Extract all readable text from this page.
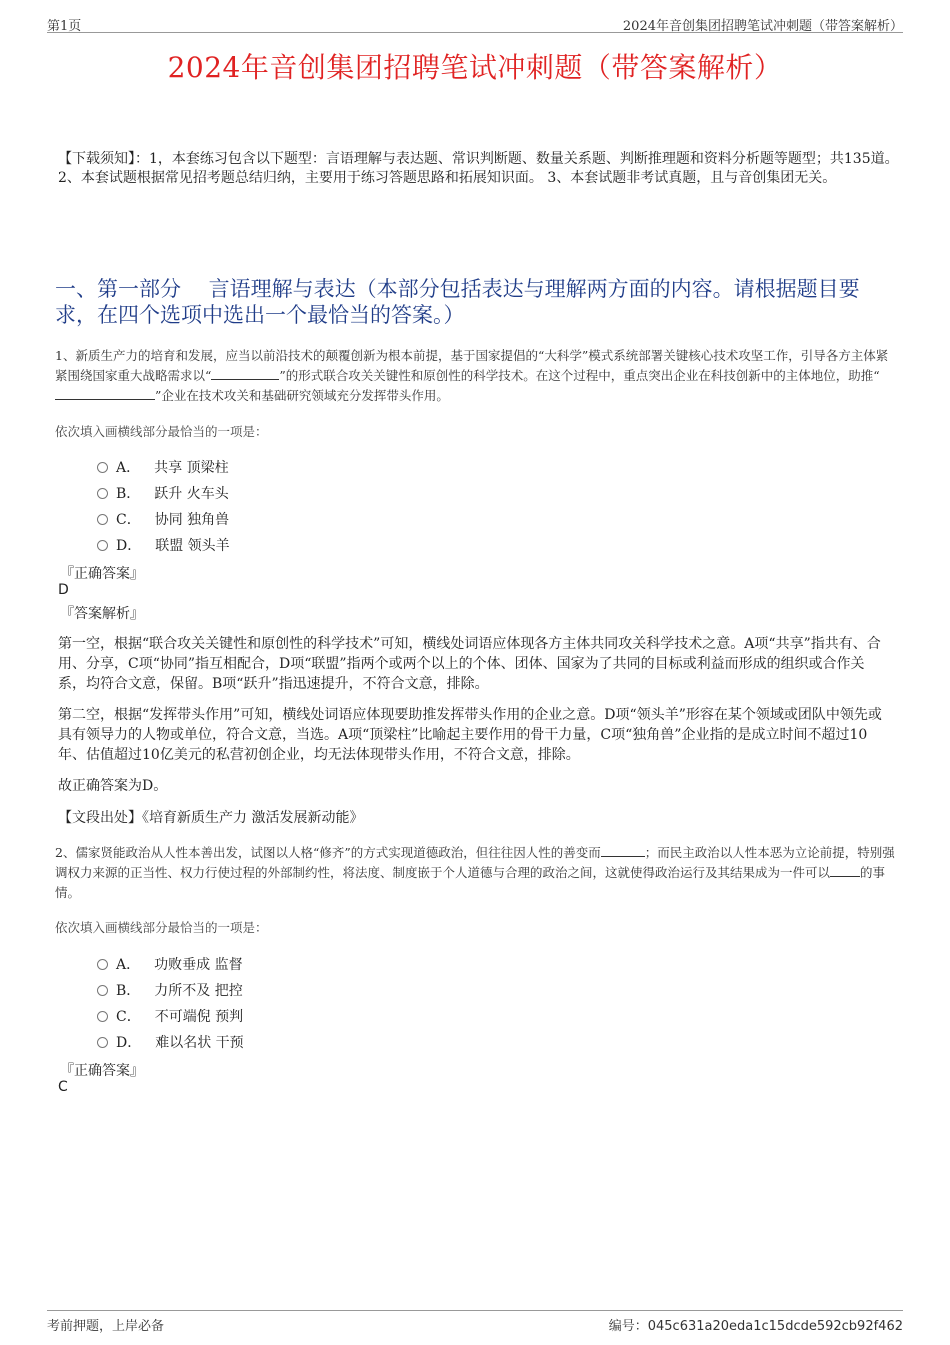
第1页	2024年音创集团招聘笔试冲刺题（带答案解析）
2024年音创集团招聘笔试冲刺题（带答案解析）
【下载须知】：1，本套练习包含以下题型：言语理解与表达题、常识判断题、数量关系题、判断推理题和资料分析题等题型；共135道。 2、本套试题根据常见招考题总结归纳，主要用于练习答题思路和拓展知识面。 3、本套试题非考试真题，且与音创集团无关。
一、第一部分　 言语理解与表达（本部分包括表达与理解两方面的内容。请根据题目要求，在四个选项中选出一个最恰当的答案。）
1、新质生产力的培育和发展，应当以前沿技术的颠覆创新为根本前提，基于国家提倡的“大科学”模式系统部署关键核心技术攻坚工作，引导各方主体紧紧围绕国家重大战略需求以“	”的形式联合攻关关键性和原创性的科学技术。在这个过程中，重点突出企业在科技创新中的主体地位，助推“”企业在技术攻关和基础研究领域充分发挥带头作用。
依次填入画横线部分最恰当的一项是：
A． 共享 顶梁柱
B． 跃升 火车头
C． 协同 独角兽
D． 联盟 领头羊
『正确答案』
D
『答案解析』
第一空，根据“联合攻关关键性和原创性的科学技术”可知，横线处词语应体现各方主体共同攻关科学技术之意。A项“共享”指共有、合用、分享，C项“协同”指互相配合，D项“联盟”指两个或两个以上的个体、团体、国家为了共同的目标或利益而形成的组织或合作关系，均符合文意，保留。B项“跃升”指迅速提升，不符合文意，排除。
第二空，根据“发挥带头作用”可知，横线处词语应体现要助推发挥带头作用的企业之意。D项“领头羊”形容在某个领域或团队中领先或具有领导力的人物或单位，符合文意，当选。A项“顶梁柱”比喻起主要作用的骨干力量，C项“独角兽”企业指的是成立时间不超过10年、估值超过10亿美元的私营初创企业，均无法体现带头作用，不符合文意，排除。
故正确答案为D。
【文段出处】《培育新质生产力 激活发展新动能》
2、儒家贤能政治从人性本善出发，试图以人格“修齐”的方式实现道德政治，但往往因人性的善变而	；而民主政治以人性本恶为立论前提，特别强调权力来源的正当性、权力行使过程的外部制约性，将法度、制度嵌于个人道德与合理的政治之间，这就使得政治运行及其结果成为一件可以 的事情。
依次填入画横线部分最恰当的一项是：
A． 功败垂成 监督
B． 力所不及 把控
C． 不可端倪 预判
D． 难以名状 干预
『正确答案』
C
考前押题，上岸必备	编号：045c631a20eda1c15dcde592cb92f462
